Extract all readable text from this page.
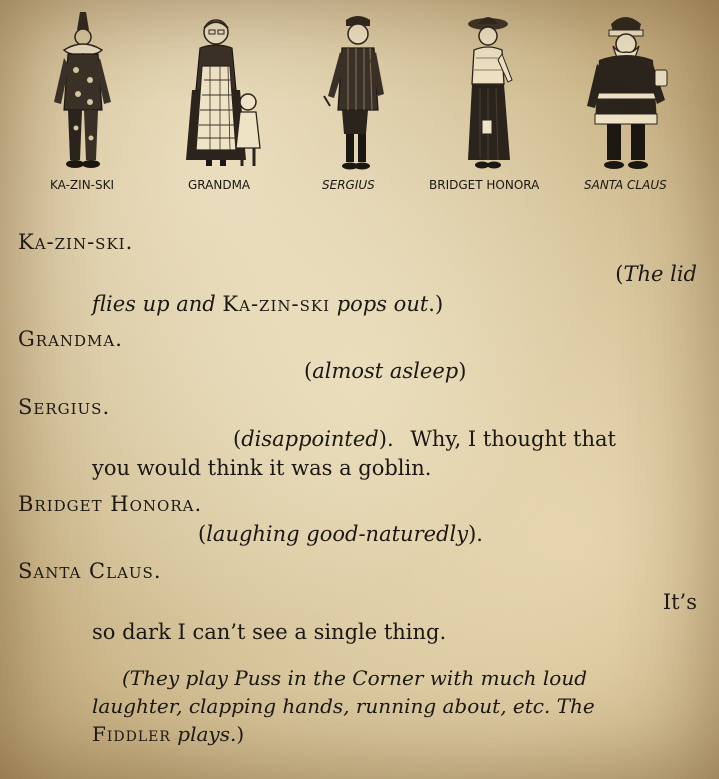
KA-ZIN-SKI	GRANDMA	SERGIUS	BRIDGET HONORA	SANTA CLAUS
Ka-zin-ski.
(The lid
flies up and Ka-zin-ski pops out.)
Grandma.
(almost asleep)
Sergius.
(disappointed). Why, I thought that
you would think it was a goblin.
Bridget Honora.
(laughing good-naturedly).
Santa Claus.
It’s
so dark I can’t see a single thing.
(They play Puss in the Corner with much loud
laughter, clapping hands, running about, etc. The
Fiddler plays.)
